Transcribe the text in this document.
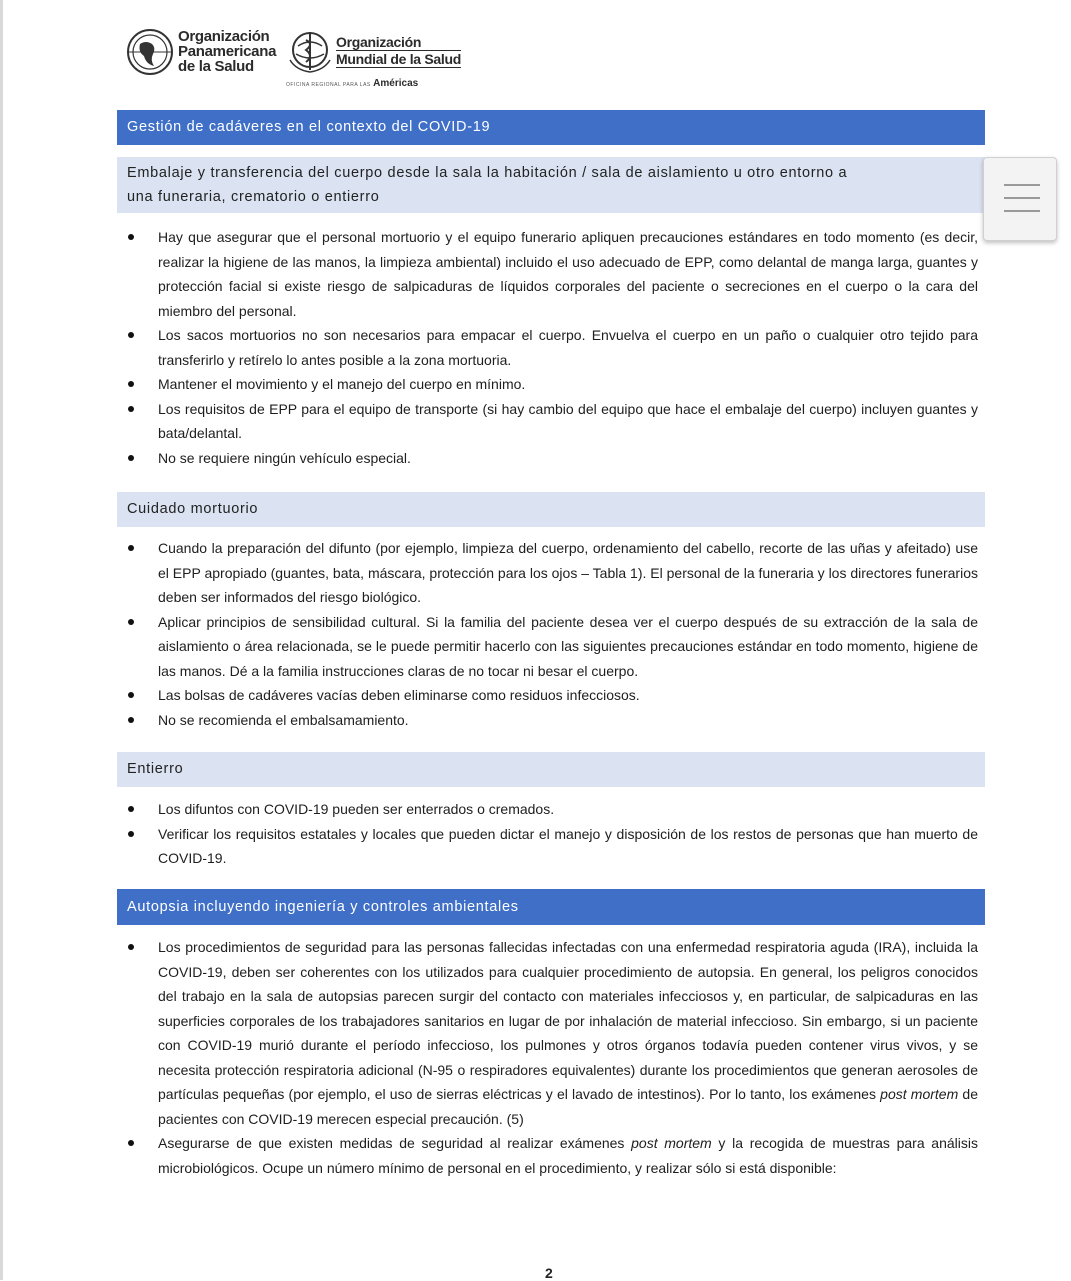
Organización
Panamericana
de la Salud
Organización
Mundial de la Salud
OFICINA REGIONAL PARA LAS Américas
Gestión de cadáveres en el contexto del COVID-19
Embalaje y transferencia del cuerpo desde la sala la habitación / sala de aislamiento u otro entorno a
una funeraria, crematorio o entierro
Hay que asegurar que el personal mortuorio y el equipo funerario apliquen precauciones estándares en todo momento (es decir, realizar la higiene de las manos, la limpieza ambiental) incluido el uso adecuado de EPP, como delantal de manga larga, guantes y protección facial si existe riesgo de salpicaduras de líquidos corporales del paciente o secreciones en el cuerpo o la cara del miembro del personal.
Los sacos mortuorios no son necesarios para empacar el cuerpo. Envuelva el cuerpo en un paño o cualquier otro tejido para transferirlo y retírelo lo antes posible a la zona mortuoria.
Mantener el movimiento y el manejo del cuerpo en mínimo.
Los requisitos de EPP para el equipo de transporte (si hay cambio del equipo que hace el embalaje del cuerpo) incluyen guantes y bata/delantal.
No se requiere ningún vehículo especial.
Cuidado mortuorio
Cuando la preparación del difunto (por ejemplo, limpieza del cuerpo, ordenamiento del cabello, recorte de las uñas y afeitado) use el EPP apropiado (guantes, bata, máscara, protección para los ojos – Tabla 1). El personal de la funeraria y los directores funerarios deben ser informados del riesgo biológico.
Aplicar principios de sensibilidad cultural. Si la familia del paciente desea ver el cuerpo después de su extracción de la sala de aislamiento o área relacionada, se le puede permitir hacerlo con las siguientes precauciones estándar en todo momento, higiene de las manos. Dé a la familia instrucciones claras de no tocar ni besar el cuerpo.
Las bolsas de cadáveres vacías deben eliminarse como residuos infecciosos.
No se recomienda el embalsamamiento.
Entierro
Los difuntos con COVID-19 pueden ser enterrados o cremados.
Verificar los requisitos estatales y locales que pueden dictar el manejo y disposición de los restos de personas que han muerto de COVID-19.
Autopsia incluyendo ingeniería y controles ambientales
Los procedimientos de seguridad para las personas fallecidas infectadas con una enfermedad respiratoria aguda (IRA), incluida la COVID-19, deben ser coherentes con los utilizados para cualquier procedimiento de autopsia. En general, los peligros conocidos del trabajo en la sala de autopsias parecen surgir del contacto con materiales infecciosos y, en particular, de salpicaduras en las superficies corporales de los trabajadores sanitarios en lugar de por inhalación de material infeccioso. Sin embargo, si un paciente con COVID-19 murió durante el período infeccioso, los pulmones y otros órganos todavía pueden contener virus vivos, y se necesita protección respiratoria adicional (N-95 o respiradores equivalentes) durante los procedimientos que generan aerosoles de partículas pequeñas (por ejemplo, el uso de sierras eléctricas y el lavado de intestinos). Por lo tanto, los exámenes post mortem de pacientes con COVID-19 merecen especial precaución. (5)
Asegurarse de que existen medidas de seguridad al realizar exámenes post mortem y la recogida de muestras para análisis microbiológicos. Ocupe un número mínimo de personal en el procedimiento, y realizar sólo si está disponible:
2
